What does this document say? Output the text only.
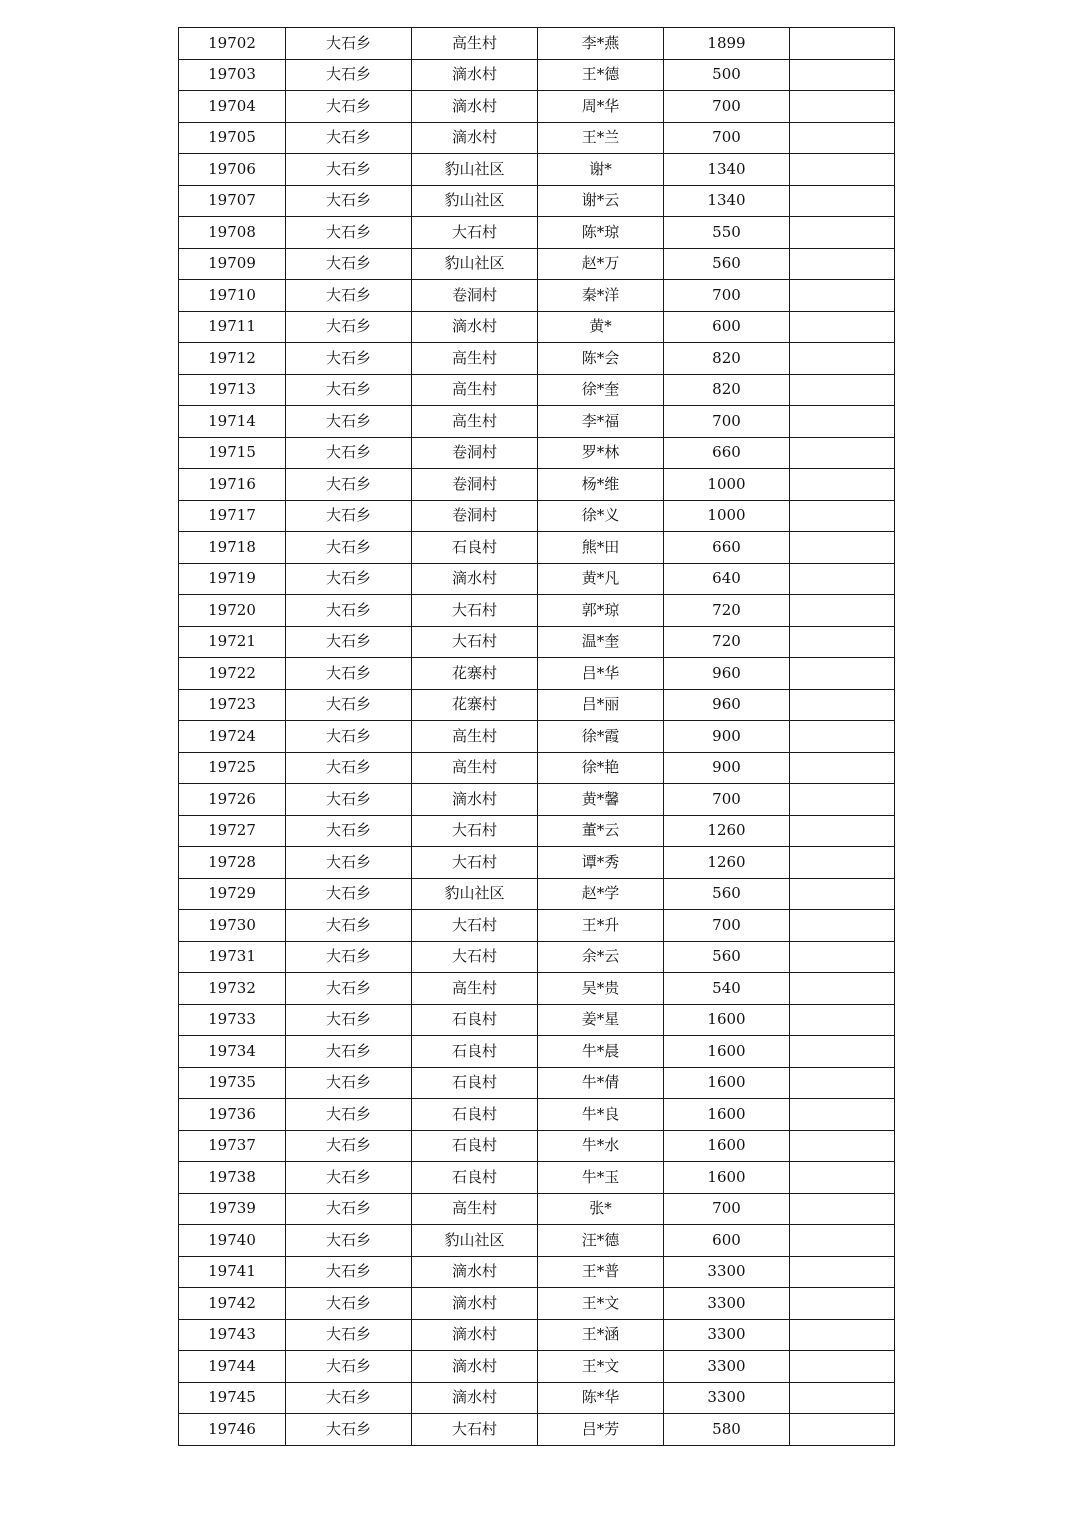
19702	大石乡	高生村	李*燕	1899	
19703	大石乡	滴水村	王*德	500	
19704	大石乡	滴水村	周*华	700	
19705	大石乡	滴水村	王*兰	700	
19706	大石乡	豹山社区	谢*	1340	
19707	大石乡	豹山社区	谢*云	1340	
19708	大石乡	大石村	陈*琼	550	
19709	大石乡	豹山社区	赵*万	560	
19710	大石乡	卷洞村	秦*洋	700	
19711	大石乡	滴水村	黄*	600	
19712	大石乡	高生村	陈*会	820	
19713	大石乡	高生村	徐*奎	820	
19714	大石乡	高生村	李*福	700	
19715	大石乡	卷洞村	罗*林	660	
19716	大石乡	卷洞村	杨*维	1000	
19717	大石乡	卷洞村	徐*义	1000	
19718	大石乡	石良村	熊*田	660	
19719	大石乡	滴水村	黄*凡	640	
19720	大石乡	大石村	郭*琼	720	
19721	大石乡	大石村	温*奎	720	
19722	大石乡	花寨村	吕*华	960	
19723	大石乡	花寨村	吕*丽	960	
19724	大石乡	高生村	徐*霞	900	
19725	大石乡	高生村	徐*艳	900	
19726	大石乡	滴水村	黄*馨	700	
19727	大石乡	大石村	董*云	1260	
19728	大石乡	大石村	谭*秀	1260	
19729	大石乡	豹山社区	赵*学	560	
19730	大石乡	大石村	王*升	700	
19731	大石乡	大石村	余*云	560	
19732	大石乡	高生村	吴*贵	540	
19733	大石乡	石良村	姜*星	1600	
19734	大石乡	石良村	牛*晨	1600	
19735	大石乡	石良村	牛*倩	1600	
19736	大石乡	石良村	牛*良	1600	
19737	大石乡	石良村	牛*水	1600	
19738	大石乡	石良村	牛*玉	1600	
19739	大石乡	高生村	张*	700	
19740	大石乡	豹山社区	汪*德	600	
19741	大石乡	滴水村	王*普	3300	
19742	大石乡	滴水村	王*文	3300	
19743	大石乡	滴水村	王*涵	3300	
19744	大石乡	滴水村	王*文	3300	
19745	大石乡	滴水村	陈*华	3300	
19746	大石乡	大石村	吕*芳	580	
